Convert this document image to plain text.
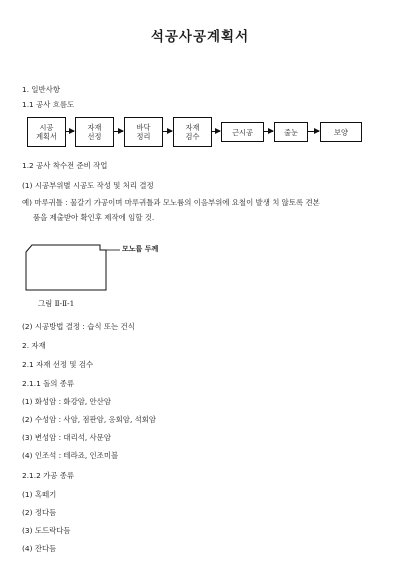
석공사공계획서
1. 일반사항
1.1 공사 흐름도
시공
계획서
자재
선정
바닥
정리
자재
검수	근시공	줄눈	보양
1.2 공사 착수전 준비 작업
(1) 시공부위별 시공도 작성 및 처리 결정
예) 마루귀틀 : 물갈기 가공이며 마루귀틀과 모노륨의 이음부위에 요철이 발생 치 않토록 견본
품을 제출받아 확인후 제작에 임할 것.
모노륨 두께
그림 Ⅱ-Ⅱ-1
(2) 시공방법 결정 : 습식 또는 건식
2. 자재
2.1 자재 선정 및 검수
2.1.1 돌의 종류
(1) 화성암 : 화강암, 안산암
(2) 수성암 : 사암, 점판암, 응회암, 석회암
(3) 변성암 : 대리석, 사문암
(4) 인조석 : 테라죠, 인조미블
2.1.2 가공 종류
(1) 혹떼기
(2) 정다듬
(3) 도드락다듬
(4) 잔다듬
